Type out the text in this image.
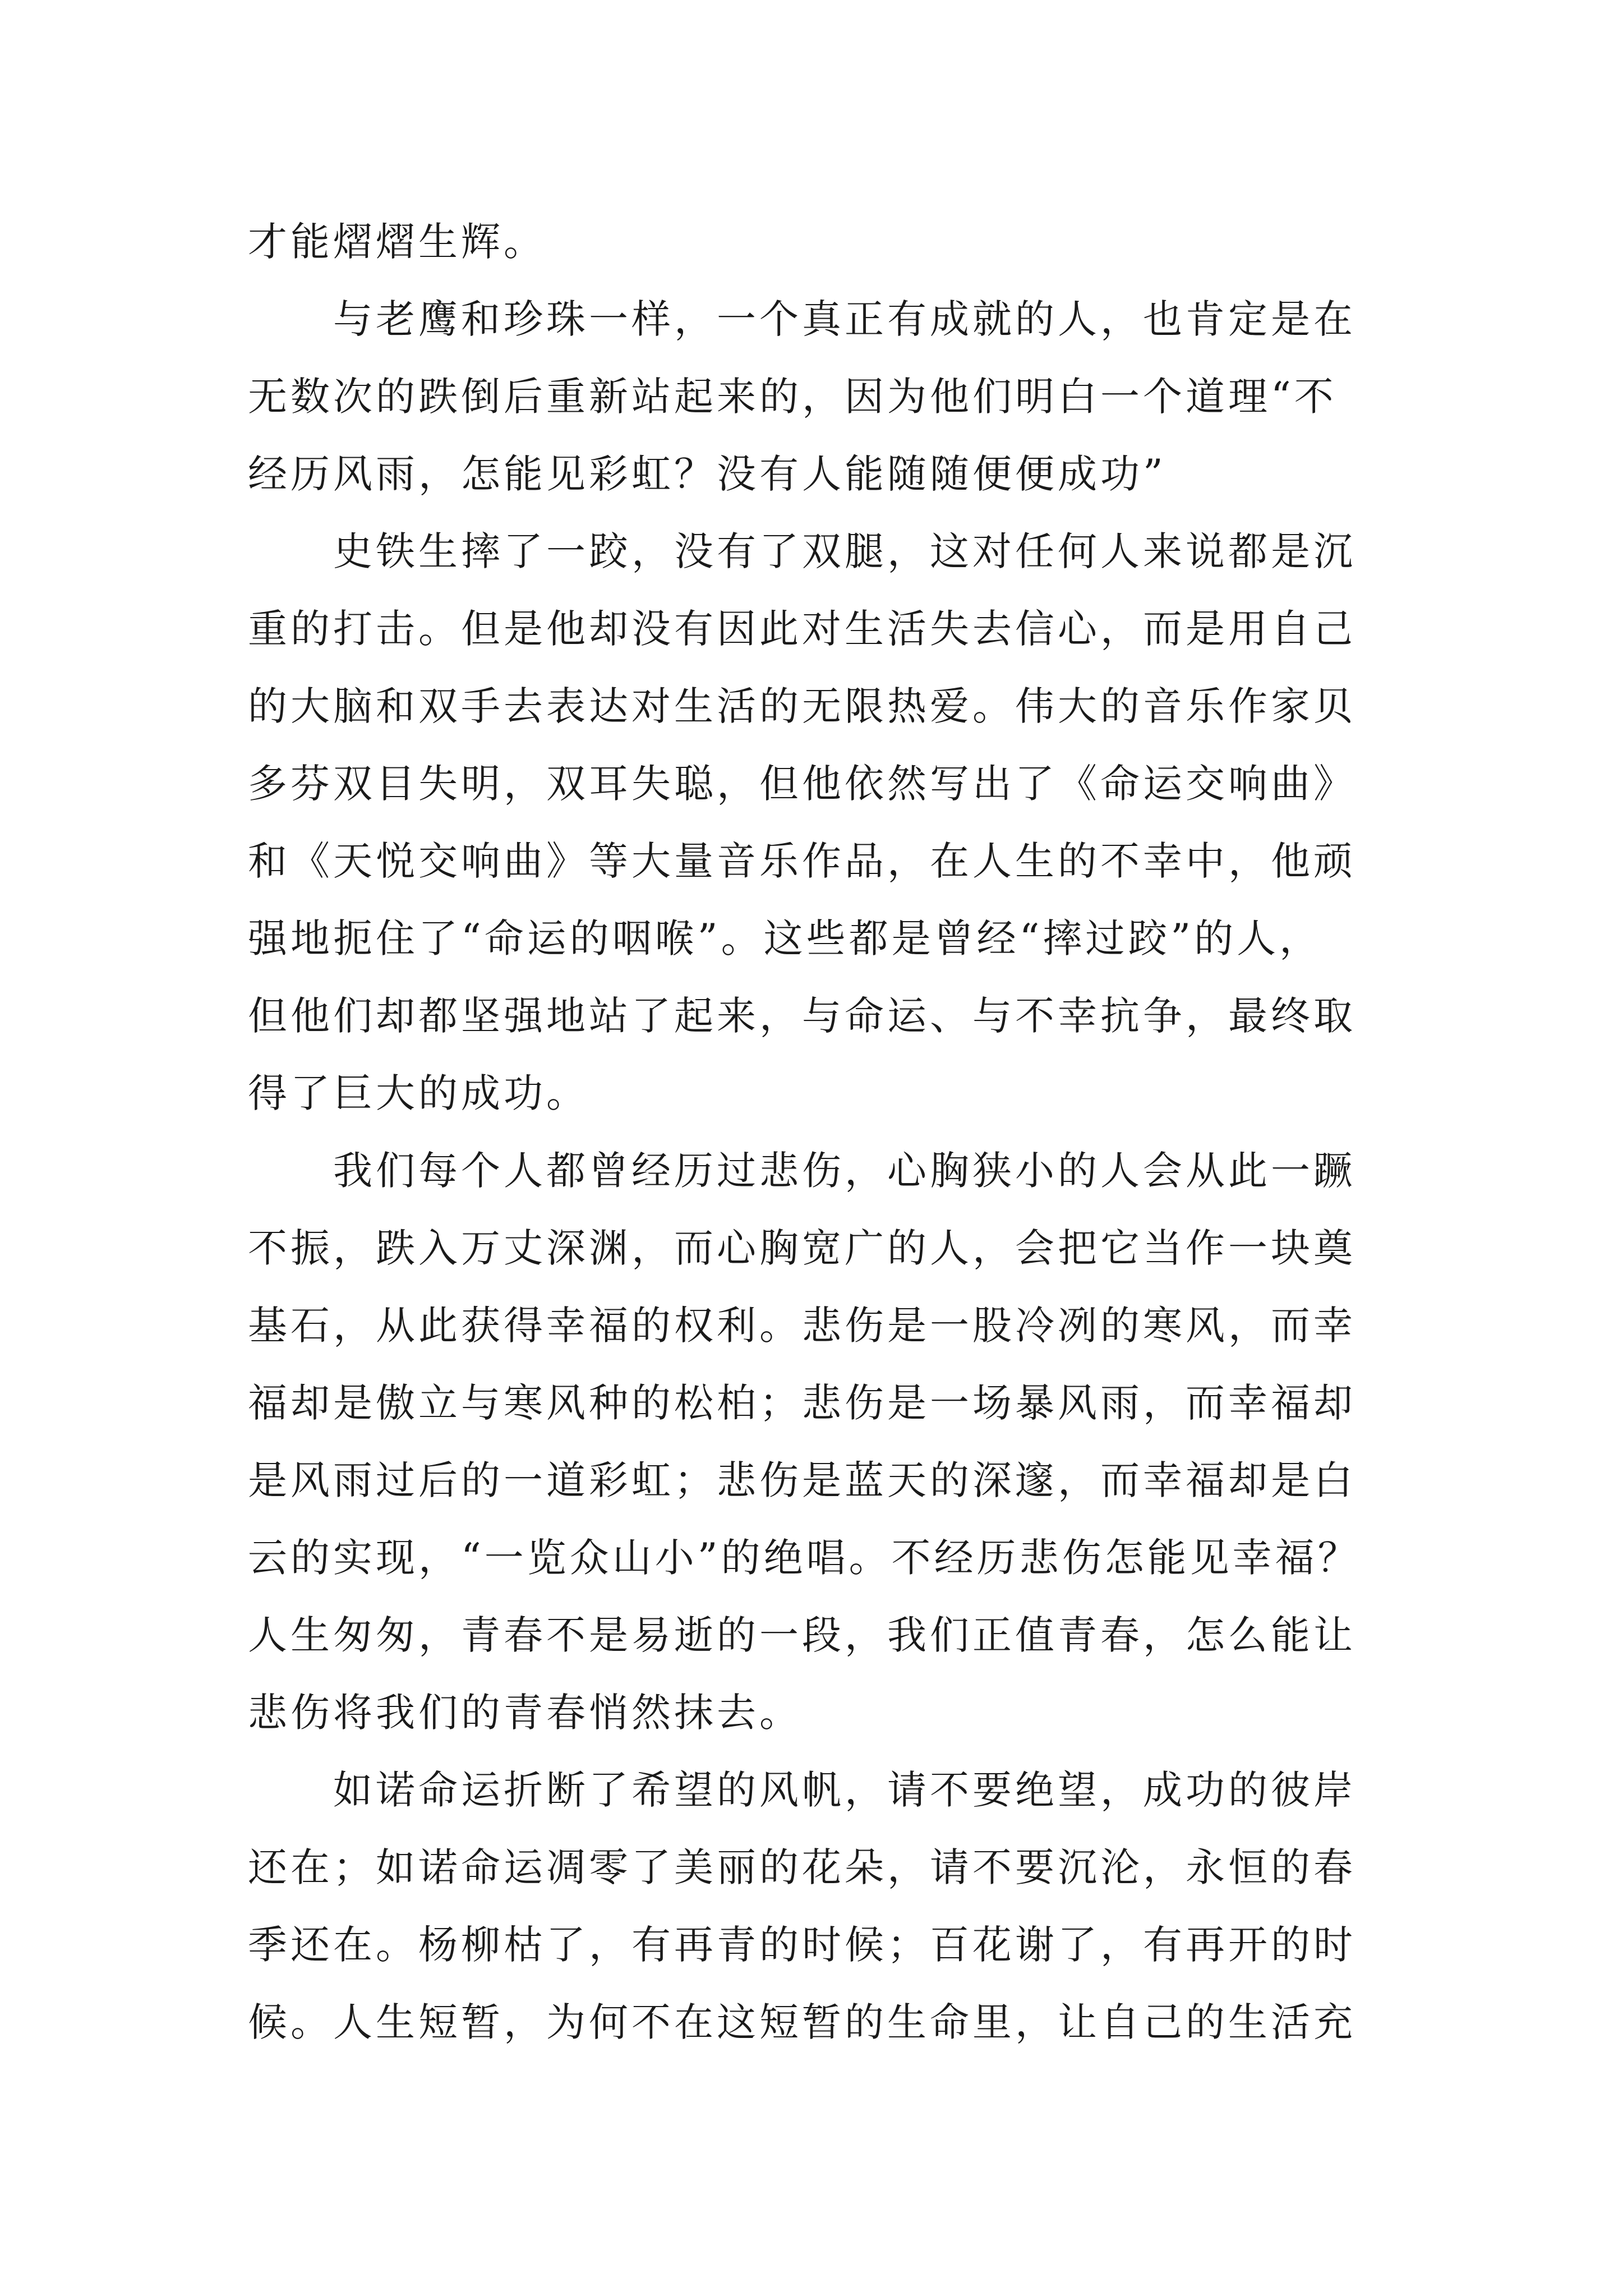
才能熠熠生辉。
与老鹰和珍珠一样，一个真正有成就的人，也肯定是在
无数次的跌倒后重新站起来的，因为他们明白一个道理“不
经历风雨，怎能见彩虹？没有人能随随便便成功”
史铁生摔了一跤，没有了双腿，这对任何人来说都是沉
重的打击。但是他却没有因此对生活失去信心，而是用自己
的大脑和双手去表达对生活的无限热爱。伟大的音乐作家贝
多芬双目失明，双耳失聪，但他依然写出了《命运交响曲》
和《天悦交响曲》等大量音乐作品，在人生的不幸中，他顽
强地扼住了“命运的咽喉”。这些都是曾经“摔过跤”的人，
但他们却都坚强地站了起来，与命运、与不幸抗争，最终取
得了巨大的成功。
我们每个人都曾经历过悲伤，心胸狭小的人会从此一蹶
不振，跌入万丈深渊，而心胸宽广的人，会把它当作一块奠
基石，从此获得幸福的权利。悲伤是一股冷冽的寒风，而幸
福却是傲立与寒风种的松柏；悲伤是一场暴风雨，而幸福却
是风雨过后的一道彩虹；悲伤是蓝天的深邃，而幸福却是白
云的实现，“一览众山小”的绝唱。不经历悲伤怎能见幸福？
人生匆匆，青春不是易逝的一段，我们正值青春，怎么能让
悲伤将我们的青春悄然抹去。
如诺命运折断了希望的风帆，请不要绝望，成功的彼岸
还在；如诺命运凋零了美丽的花朵，请不要沉沦，永恒的春
季还在。杨柳枯了，有再青的时候；百花谢了，有再开的时
候。人生短暂，为何不在这短暂的生命里，让自己的生活充
